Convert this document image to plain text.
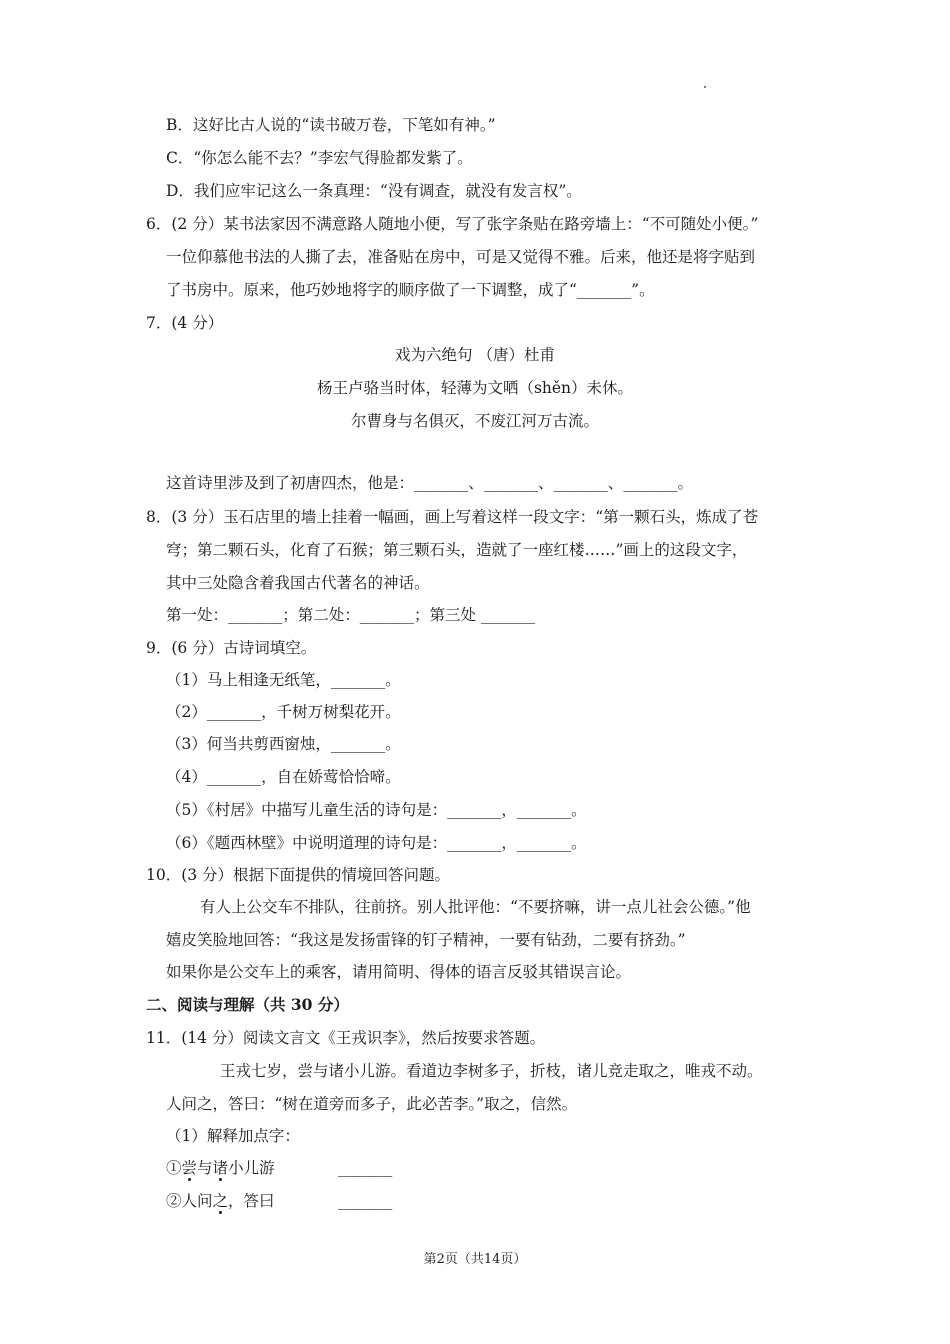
B．这好比古人说的“读书破万卷，下笔如有神。”
C．“你怎么能不去？”李宏气得脸都发紫了。
D．我们应牢记这么一条真理：“没有调查，就没有发言权”。
6．(2 分）某书法家因不满意路人随地小便，写了张字条贴在路旁墙上：“不可随处小便。”
一位仰慕他书法的人撕了去，准备贴在房中，可是又觉得不雅。后来，他还是将字贴到
了书房中。原来，他巧妙地将字的顺序做了一下调整，成了“_______”。
7．(4 分）
戏为六绝句 （唐）杜甫
杨王卢骆当时体，轻薄为文哂（shěn）未休。
尔曹身与名俱灭，不废江河万古流。
这首诗里涉及到了初唐四杰，他是：_______、_______、_______、_______。
8．(3 分）玉石店里的墙上挂着一幅画，画上写着这样一段文字：“第一颗石头，炼成了苍
穹；第二颗石头，化育了石猴；第三颗石头，造就了一座红楼……”画上的这段文字，
其中三处隐含着我国古代著名的神话。
第一处：_______；第二处：_______；第三处 _______
9．(6 分）古诗词填空。
（1）马上相逢无纸笔，_______。
（2）_______，千树万树梨花开。
（3）何当共剪西窗烛，_______。
（4）_______，自在娇莺恰恰啼。
（5）《村居》中描写儿童生活的诗句是：_______，_______。
（6）《题西林壁》中说明道理的诗句是：_______，_______。
10．(3 分）根据下面提供的情境回答问题。
有人上公交车不排队，往前挤。别人批评他：“不要挤嘛，讲一点儿社会公德。”他
嬉皮笑脸地回答：“我这是发扬雷锋的钉子精神，一要有钻劲，二要有挤劲。”
如果你是公交车上的乘客，请用简明、得体的语言反驳其错误言论。
二、阅读与理解（共 30 分）
11．(14 分）阅读文言文《王戎识李》，然后按要求答题。
王戎七岁，尝与诸小儿游。看道边李树多子，折枝，诸儿竞走取之，唯戎不动。
人问之，答曰：“树在道旁而多子，此必苦李。”取之，信然。
（1）解释加点字：
①尝与诸小儿游	_______
②人问之，答曰	_______
第2页（共14页）
